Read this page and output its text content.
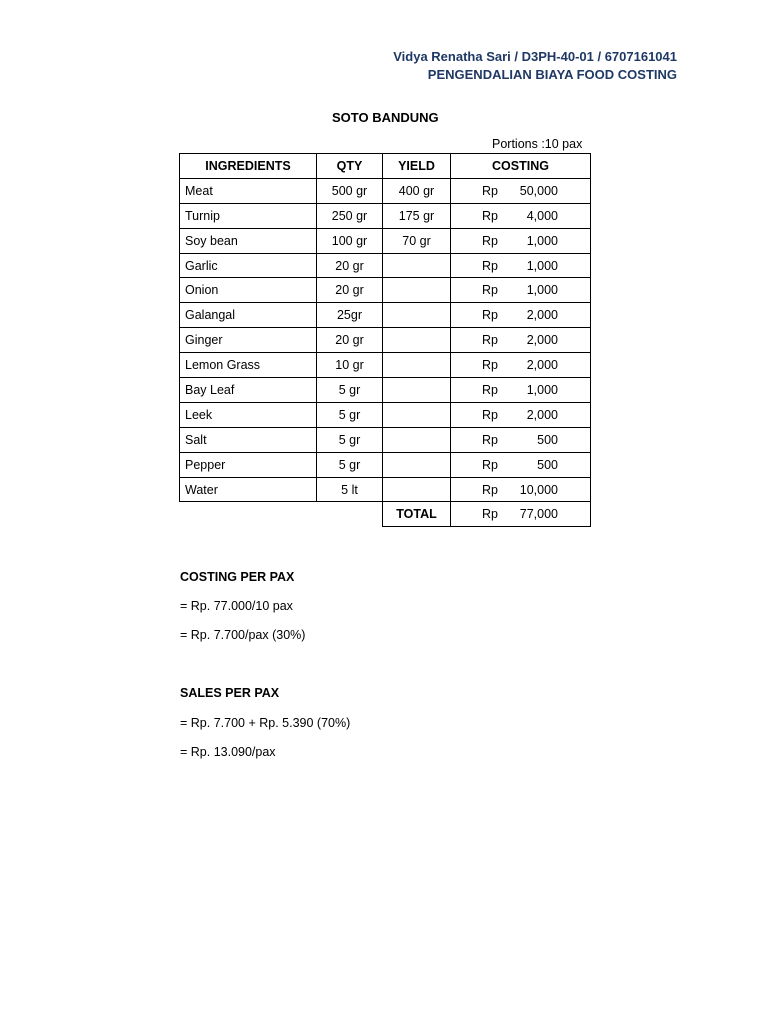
Vidya Renatha Sari / D3PH-40-01 / 6707161041
PENGENDALIAN BIAYA FOOD COSTING
SOTO BANDUNG
Portions :10 pax
INGREDIENTS	QTY	YIELD	COSTING
Meat	500 gr	400 gr	Rp 50,000

Turnip	250 gr	175 gr	Rp 4,000

Soy bean	100 gr	70 gr	Rp 1,000

Garlic	20 gr		Rp 1,000

Onion	20 gr		Rp 1,000

Galangal	25gr		Rp 2,000

Ginger	20 gr		Rp 2,000

Lemon Grass	10 gr		Rp 2,000

Bay Leaf	5 gr		Rp 1,000

Leek	5 gr		Rp 2,000

Salt	5 gr		Rp 500

Pepper	5 gr		Rp 500

Water	5 lt		Rp 10,000

		TOTAL	Rp 77,000
COSTING PER PAX
= Rp. 77.000/10 pax
= Rp. 7.700/pax (30%)
SALES PER PAX
= Rp. 7.700 + Rp. 5.390 (70%)
= Rp. 13.090/pax
